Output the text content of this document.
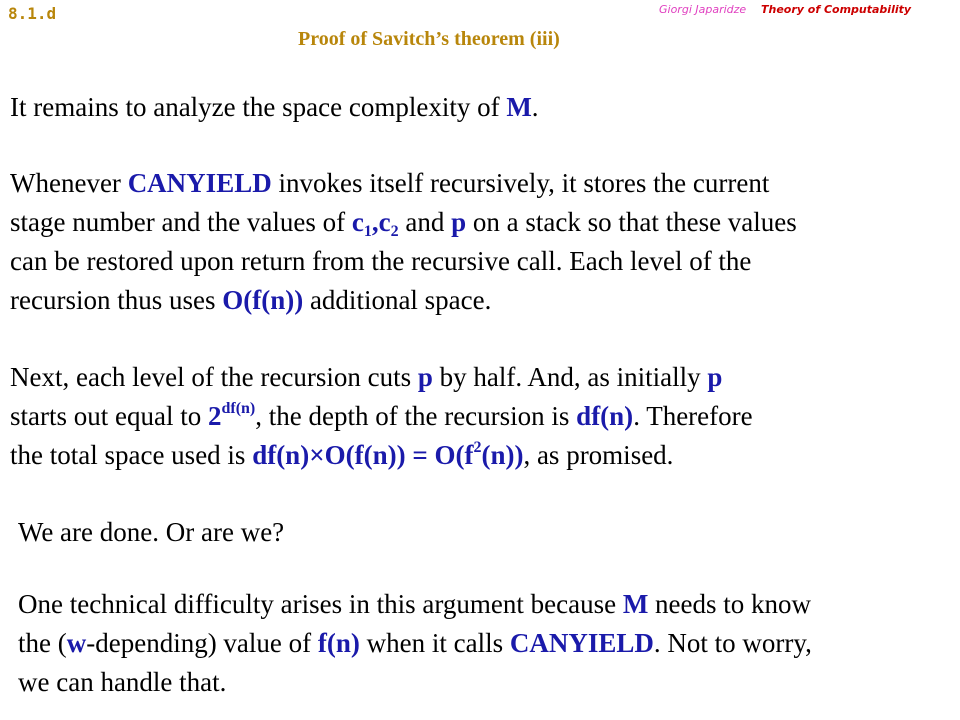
8.1.d	Giorgi Japaridze Theory of Computability
Proof of Savitch’s theorem (iii)
It remains to analyze the space complexity of M.
Whenever CANYIELD invokes itself recursively, it stores the current
stage number and the values of $c_1,c_2$ and p on a stack so that these values
can be restored upon return from the recursive call. Each level of the
recursion thus uses O(f(n)) additional space.
Next, each level of the recursion cuts p by half. And, as initially p
starts out equal to $2^{df(n)}$, the depth of the recursion is df(n). Therefore
the total space used is $df(n)\times O(f(n)) = O(f^2(n))$, as promised.
We are done. Or are we?
One technical difficulty arises in this argument because M needs to know
the (w-depending) value of f(n) when it calls CANYIELD. Not to worry,
we can handle that.
